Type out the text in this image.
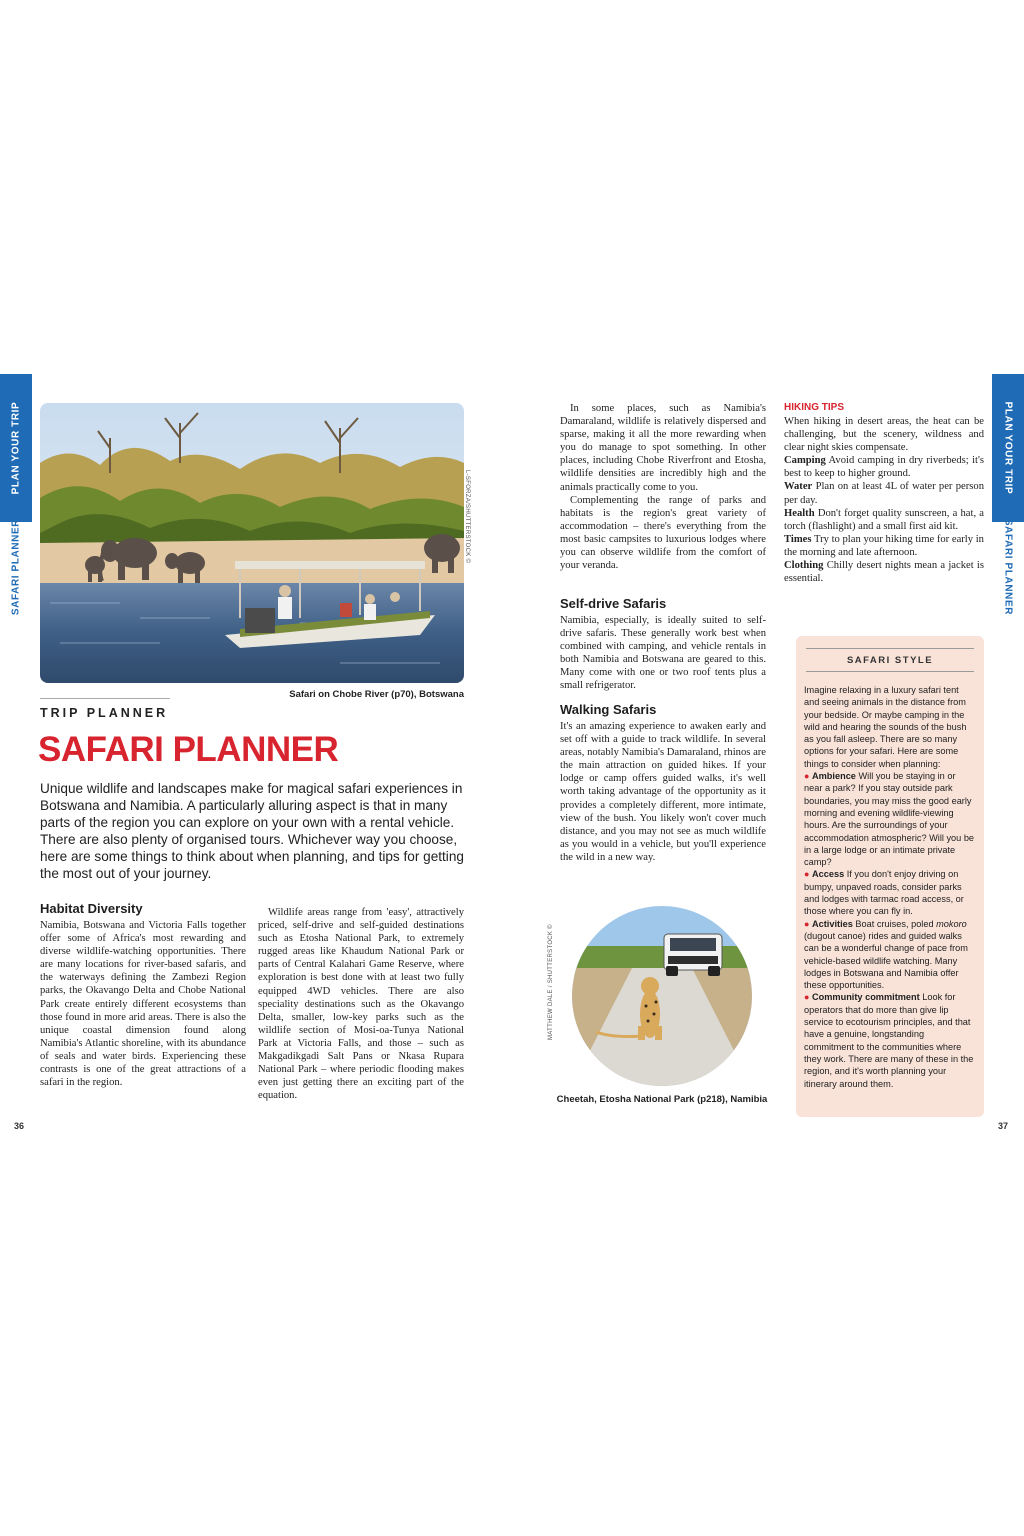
PLAN YOUR TRIP
SAFARI PLANNER
PLAN YOUR TRIP
SAFARI PLANNER
L-SFORZA/SHUTTERSTOCK ©
Safari on Chobe River (p70), Botswana
TRIP PLANNER
SAFARI PLANNER

Unique wildlife and landscapes make for magical safari experiences in Botswana and Namibia. A particularly alluring aspect is that in many parts of the region you can explore on your own with a rental vehicle. There are also plenty of organised tours. Whichever way you choose, here are some things to think about when planning, and tips for getting the most out of your journey.

Habitat Diversity

Namibia, Botswana and Victoria Falls together offer some of Africa's most rewarding and diverse wildlife-watching opportunities. There are many locations for river-based safaris, and the waterways defining the Zambezi Region parks, the Okavango Delta and Chobe National Park create entirely different ecosystems than those found in more arid areas. There is also the unique coastal dimension found along Namibia's Atlantic shoreline, with its abundance of seals and water birds. Experiencing these contrasts is one of the great attractions of a safari in the region.

Wildlife areas range from 'easy', attractively priced, self-drive and self-guided destinations such as Etosha National Park, to extremely rugged areas like Khaudum National Park or parts of Central Kalahari Game Reserve, where exploration is best done with at least two fully equipped 4WD vehicles. There are also speciality destinations such as the Okavango Delta, smaller, low-key parks such as the wildlife section of Mosi-oa-Tunya National Park at Victoria Falls, and those – such as Makgadikgadi Salt Pans or Nkasa Rupara National Park – where periodic flooding makes even just getting there an exciting part of the equation.

36

In some places, such as Namibia's Damaraland, wildlife is relatively dispersed and sparse, making it all the more rewarding when you do manage to spot something. In other places, including Chobe Riverfront and Etosha, wildlife densities are incredibly high and the animals practically come to you.

Complementing the range of parks and habitats is the region's great variety of accommodation – there's everything from the most basic campsites to luxurious lodges where you can observe wildlife from the comfort of your veranda.

Self-drive Safaris

Namibia, especially, is ideally suited to self-drive safaris. These generally work best when combined with camping, and vehicle rentals in both Namibia and Botswana are geared to this. Many come with one or two roof tents plus a small refrigerator.

Walking Safaris

It's an amazing experience to awaken early and set off with a guide to track wildlife. In several areas, notably Namibia's Damaraland, rhinos are the main attraction on guided hikes. If your lodge or camp offers guided walks, it's well worth taking advantage of the opportunity as it provides a completely different, more intimate, view of the bush. You likely won't cover much distance, and you may not see as much wildlife as you would in a vehicle, but you'll experience the wild in a new way.

MATTHEW DALE / SHUTTERSTOCK ©
Cheetah, Etosha National Park (p218), Namibia
HIKING TIPS

When hiking in desert areas, the heat can be challenging, but the scenery, wildness and clear night skies compensate.

Camping Avoid camping in dry riverbeds; it's best to keep to higher ground.

Water Plan on at least 4L of water per person per day.

Health Don't forget quality sunscreen, a hat, a torch (flashlight) and a small first aid kit.

Times Try to plan your hiking time for early in the morning and late afternoon.

Clothing Chilly desert nights mean a jacket is essential.

SAFARI STYLE

Imagine relaxing in a luxury safari tent and seeing animals in the distance from your bedside. Or maybe camping in the wild and hearing the sounds of the bush as you fall asleep. There are so many options for your safari. Here are some things to consider when planning:

● Ambience Will you be staying in or near a park? If you stay outside park boundaries, you may miss the good early morning and evening wildlife-viewing hours. Are the surroundings of your accommodation atmospheric? Will you be in a large lodge or an intimate private camp?

● Access If you don't enjoy driving on bumpy, unpaved roads, consider parks and lodges with tarmac road access, or those where you can fly in.

● Activities Boat cruises, poled mokoro (dugout canoe) rides and guided walks can be a wonderful change of pace from vehicle-based wildlife watching. Many lodges in Botswana and Namibia offer these opportunities.

● Community commitment Look for operators that do more than give lip service to ecotourism principles, and that have a genuine, longstanding commitment to the communities where they work. There are many of these in the region, and it's worth planning your itinerary around them.

37
